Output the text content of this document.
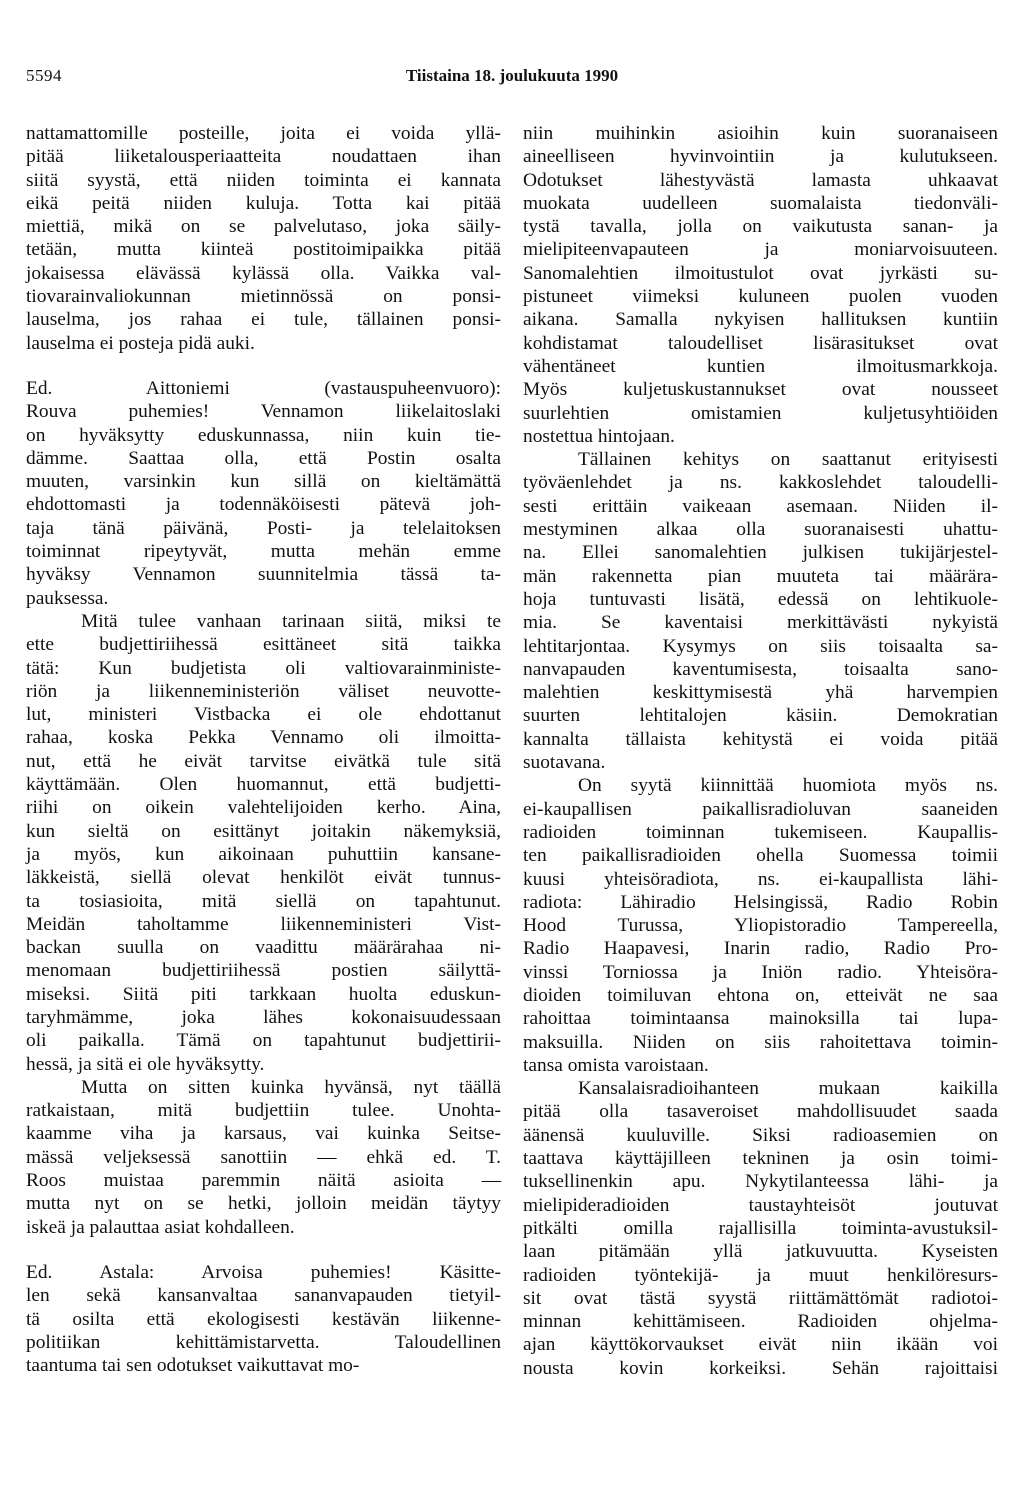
5594	Tiistaina 18. joulukuuta 1990
nattamattomille posteille, joita ei voida yllä-
pitää liiketalousperiaatteita noudattaen ihan
siitä syystä, että niiden toiminta ei kannata
eikä peitä niiden kuluja. Totta kai pitää
miettiä, mikä on se palvelutaso, joka säily-
tetään, mutta kiinteä postitoimipaikka pitää
jokaisessa elävässä kylässä olla. Vaikka val-
tiovarainvaliokunnan mietinnössä on ponsi-
lauselma, jos rahaa ei tule, tällainen ponsi-
lauselma ei posteja pidä auki.
Ed. Aittoniemi (vastauspuheenvuoro):
Rouva puhemies! Vennamon liikelaitoslaki
on hyväksytty eduskunnassa, niin kuin tie-
dämme. Saattaa olla, että Postin osalta
muuten, varsinkin kun sillä on kieltämättä
ehdottomasti ja todennäköisesti pätevä joh-
taja tänä päivänä, Posti- ja telelaitoksen
toiminnat ripeytyvät, mutta mehän emme
hyväksy Vennamon suunnitelmia tässä ta-
pauksessa.
Mitä tulee vanhaan tarinaan siitä, miksi te
ette budjettiriihessä esittäneet sitä taikka
tätä: Kun budjetista oli valtiovarainministe-
riön ja liikenneministeriön väliset neuvotte-
lut, ministeri Vistbacka ei ole ehdottanut
rahaa, koska Pekka Vennamo oli ilmoitta-
nut, että he eivät tarvitse eivätkä tule sitä
käyttämään. Olen huomannut, että budjetti-
riihi on oikein valehtelijoiden kerho. Aina,
kun sieltä on esittänyt joitakin näkemyksiä,
ja myös, kun aikoinaan puhuttiin kansane-
läkkeistä, siellä olevat henkilöt eivät tunnus-
ta tosiasioita, mitä siellä on tapahtunut.
Meidän taholtamme liikenneministeri Vist-
backan suulla on vaadittu määrärahaa ni-
menomaan budjettiriihessä postien säilyttä-
miseksi. Siitä piti tarkkaan huolta eduskun-
taryhmämme, joka lähes kokonaisuudessaan
oli paikalla. Tämä on tapahtunut budjettirii-
hessä, ja sitä ei ole hyväksytty.
Mutta on sitten kuinka hyvänsä, nyt täällä
ratkaistaan, mitä budjettiin tulee. Unohta-
kaamme viha ja karsaus, vai kuinka Seitse-
mässä veljeksessä sanottiin — ehkä ed. T.
Roos muistaa paremmin näitä asioita —
mutta nyt on se hetki, jolloin meidän täytyy
iskeä ja palauttaa asiat kohdalleen.
Ed. Astala: Arvoisa puhemies! Käsitte-
len sekä kansanvaltaa sananvapauden tietyil-
tä osilta että ekologisesti kestävän liikenne-
politiikan kehittämistarvetta. Taloudellinen
taantuma tai sen odotukset vaikuttavat mo-
niin muihinkin asioihin kuin suoranaiseen
aineelliseen hyvinvointiin ja kulutukseen.
Odotukset lähestyvästä lamasta uhkaavat
muokata uudelleen suomalaista tiedonväli-
tystä tavalla, jolla on vaikutusta sanan- ja
mielipiteenvapauteen ja moniarvoisuuteen.
Sanomalehtien ilmoitustulot ovat jyrkästi su-
pistuneet viimeksi kuluneen puolen vuoden
aikana. Samalla nykyisen hallituksen kuntiin
kohdistamat taloudelliset lisärasitukset ovat
vähentäneet kuntien ilmoitusmarkkoja.
Myös kuljetuskustannukset ovat nousseet
suurlehtien omistamien kuljetusyhtiöiden
nostettua hintojaan.
Tällainen kehitys on saattanut erityisesti
työväenlehdet ja ns. kakkoslehdet taloudelli-
sesti erittäin vaikeaan asemaan. Niiden il-
mestyminen alkaa olla suoranaisesti uhattu-
na. Ellei sanomalehtien julkisen tukijärjestel-
män rakennetta pian muuteta tai määrära-
hoja tuntuvasti lisätä, edessä on lehtikuole-
mia. Se kaventaisi merkittävästi nykyistä
lehtitarjontaa. Kysymys on siis toisaalta sa-
nanvapauden kaventumisesta, toisaalta sano-
malehtien keskittymisestä yhä harvempien
suurten lehtitalojen käsiin. Demokratian
kannalta tällaista kehitystä ei voida pitää
suotavana.
On syytä kiinnittää huomiota myös ns.
ei-kaupallisen paikallisradioluvan saaneiden
radioiden toiminnan tukemiseen. Kaupallis-
ten paikallisradioiden ohella Suomessa toimii
kuusi yhteisöradiota, ns. ei-kaupallista lähi-
radiota: Lähiradio Helsingissä, Radio Robin
Hood Turussa, Yliopistoradio Tampereella,
Radio Haapavesi, Inarin radio, Radio Pro-
vinssi Torniossa ja Iniön radio. Yhteisöra-
dioiden toimiluvan ehtona on, etteivät ne saa
rahoittaa toimintaansa mainoksilla tai lupa-
maksuilla. Niiden on siis rahoitettava toimin-
tansa omista varoistaan.
Kansalaisradioihanteen mukaan kaikilla
pitää olla tasaveroiset mahdollisuudet saada
äänensä kuuluville. Siksi radioasemien on
taattava käyttäjilleen tekninen ja osin toimi-
tuksellinenkin apu. Nykytilanteessa lähi- ja
mielipideradioiden taustayhteisöt joutuvat
pitkälti omilla rajallisilla toiminta-avustuksil-
laan pitämään yllä jatkuvuutta. Kyseisten
radioiden työntekijä- ja muut henkilöresurs-
sit ovat tästä syystä riittämättömät radiotoi-
minnan kehittämiseen. Radioiden ohjelma-
ajan käyttökorvaukset eivät niin ikään voi
nousta kovin korkeiksi. Sehän rajoittaisi
